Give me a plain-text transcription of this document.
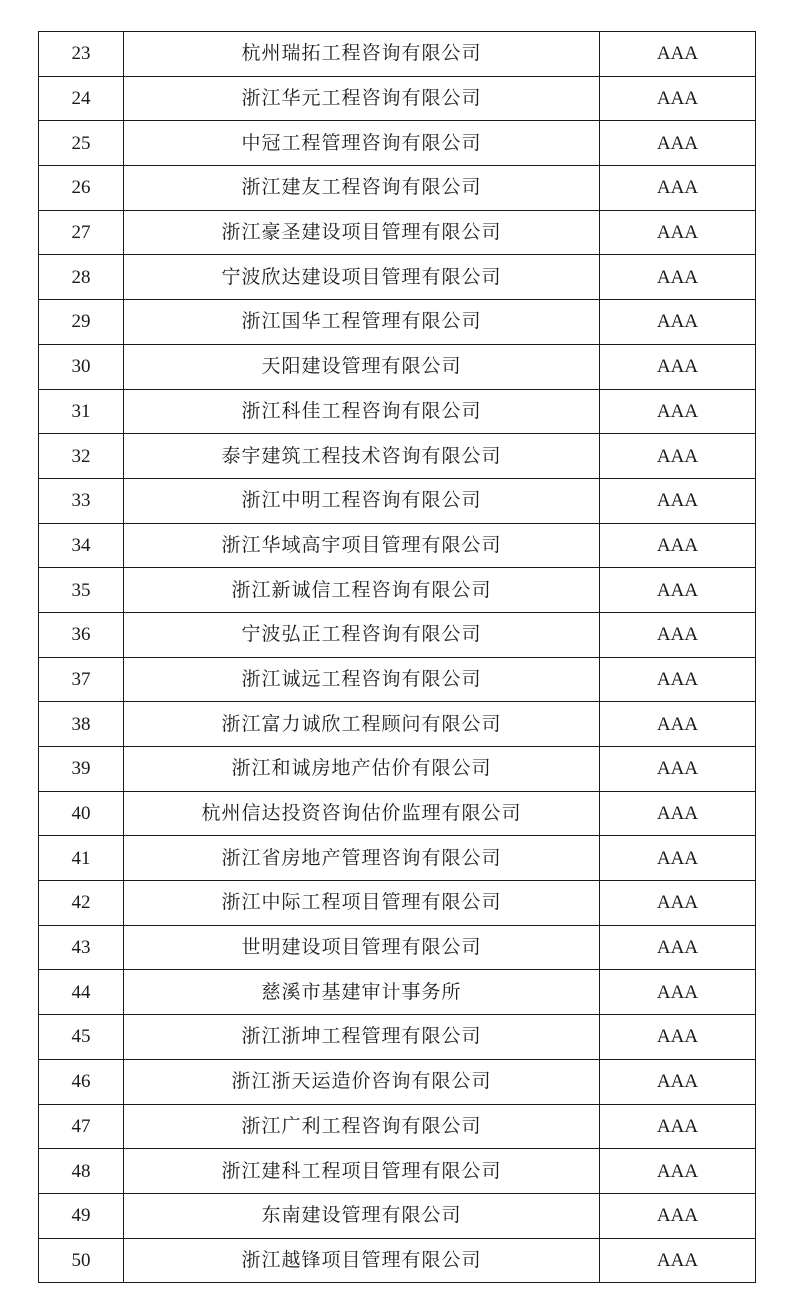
23	杭州瑞拓工程咨询有限公司	AAA
24	浙江华元工程咨询有限公司	AAA
25	中冠工程管理咨询有限公司	AAA
26	浙江建友工程咨询有限公司	AAA
27	浙江豪圣建设项目管理有限公司	AAA
28	宁波欣达建设项目管理有限公司	AAA
29	浙江国华工程管理有限公司	AAA
30	天阳建设管理有限公司	AAA
31	浙江科佳工程咨询有限公司	AAA
32	泰宇建筑工程技术咨询有限公司	AAA
33	浙江中明工程咨询有限公司	AAA
34	浙江华域高宇项目管理有限公司	AAA
35	浙江新诚信工程咨询有限公司	AAA
36	宁波弘正工程咨询有限公司	AAA
37	浙江诚远工程咨询有限公司	AAA
38	浙江富力诚欣工程顾问有限公司	AAA
39	浙江和诚房地产估价有限公司	AAA
40	杭州信达投资咨询估价监理有限公司	AAA
41	浙江省房地产管理咨询有限公司	AAA
42	浙江中际工程项目管理有限公司	AAA
43	世明建设项目管理有限公司	AAA
44	慈溪市基建审计事务所	AAA
45	浙江浙坤工程管理有限公司	AAA
46	浙江浙天运造价咨询有限公司	AAA
47	浙江广利工程咨询有限公司	AAA
48	浙江建科工程项目管理有限公司	AAA
49	东南建设管理有限公司	AAA
50	浙江越锋项目管理有限公司	AAA
